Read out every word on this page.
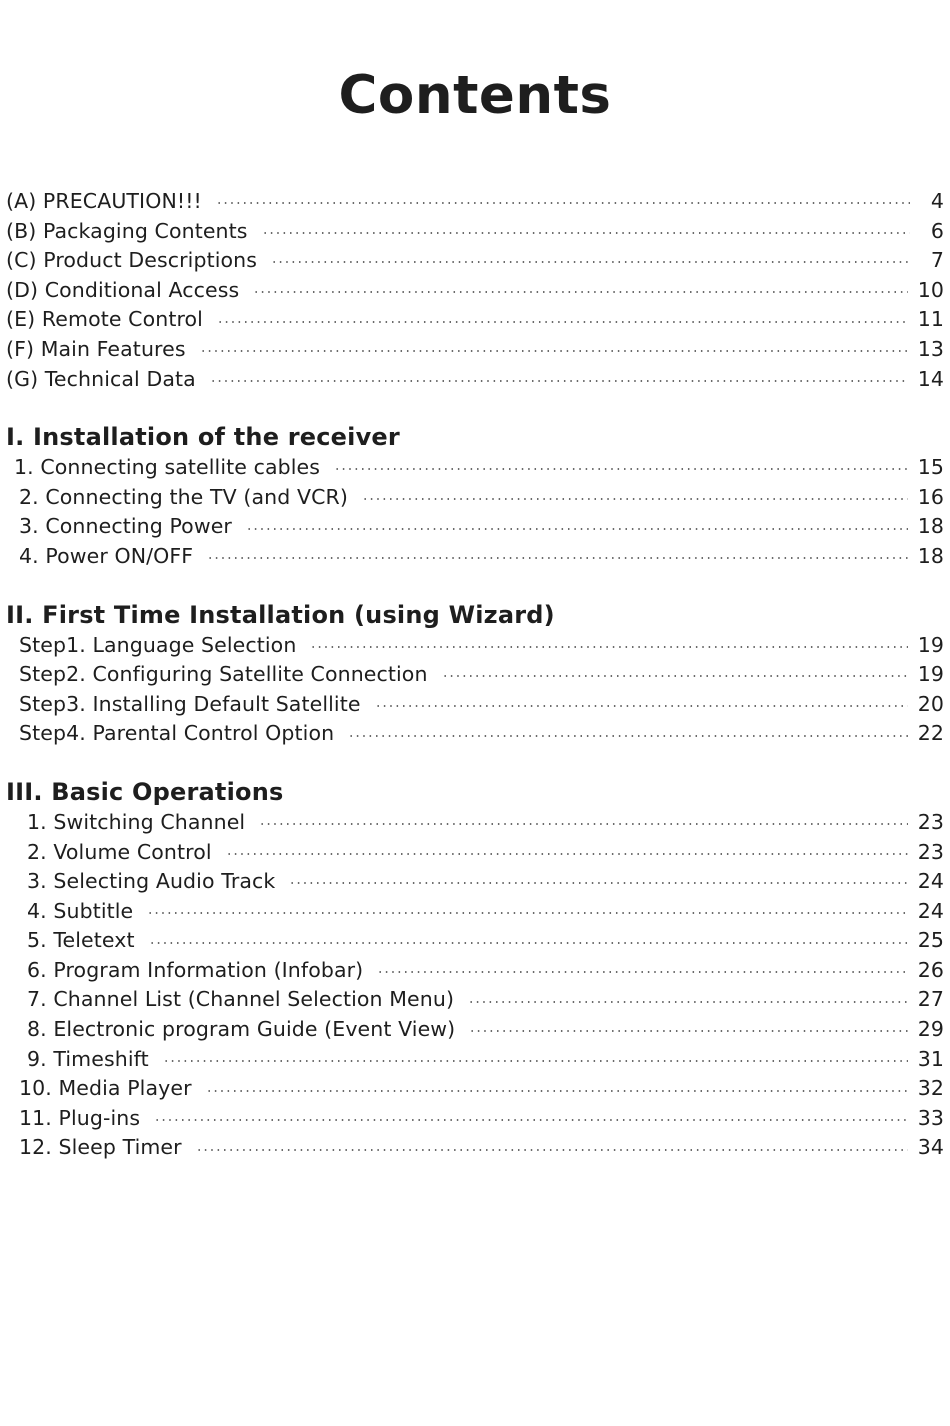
Contents
(A) PRECAUTION!!!	4
(B) Packaging Contents	6
(C) Product Descriptions	7
(D) Conditional Access	10
(E) Remote Control	11
(F) Main Features	13
(G) Technical Data	14
I. Installation of the receiver
1. Connecting satellite cables	15
2. Connecting the TV (and VCR)	16
3. Connecting Power	18
4. Power ON/OFF	18
II. First Time Installation (using Wizard)
Step1. Language Selection	19
Step2. Configuring Satellite Connection	19
Step3. Installing Default Satellite	20
Step4. Parental Control Option	22
III. Basic Operations
1. Switching Channel	23
2. Volume Control	23
3. Selecting Audio Track	24
4. Subtitle	24
5. Teletext	25
6. Program Information (Infobar)	26
7. Channel List (Channel Selection Menu)	27
8. Electronic program Guide (Event View)	29
9. Timeshift	31
10. Media Player	32
11. Plug-ins	33
12. Sleep Timer	34
